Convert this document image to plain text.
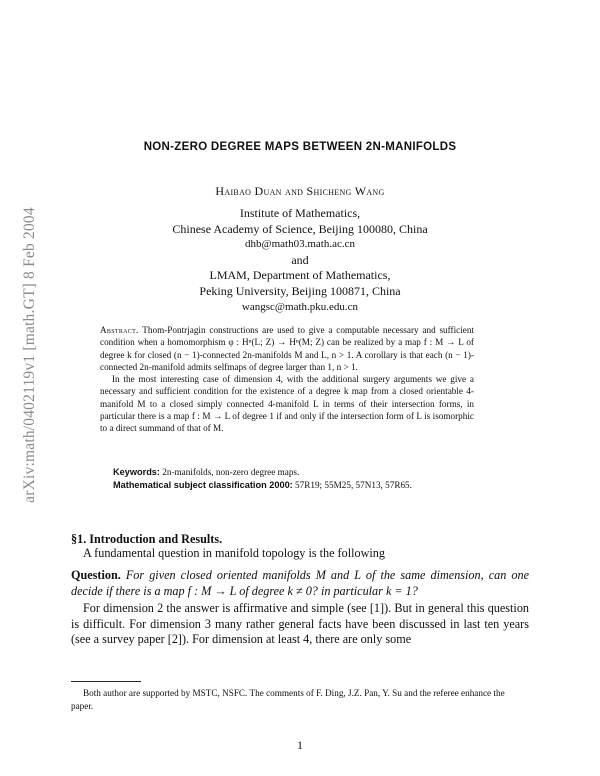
arXiv:math/0402119v1 [math.GT] 8 Feb 2004
NON-ZERO DEGREE MAPS BETWEEN 2N-MANIFOLDS
Haibao Duan and Shicheng Wang
Institute of Mathematics,
Chinese Academy of Science, Beijing 100080, China
dhb@math03.math.ac.cn
and
LMAM, Department of Mathematics,
Peking University, Beijing 100871, China
wangsc@math.pku.edu.cn

Abstract. Thom-Pontrjagin constructions are used to give a computable necessary and sufficient condition when a homomorphism φ : Hⁿ(L; Z) → Hⁿ(M; Z) can be realized by a map f : M → L of degree k for closed (n − 1)-connected 2n-manifolds M and L, n > 1. A corollary is that each (n − 1)-connected 2n-manifold admits selfmaps of degree larger than 1, n > 1.

In the most interesting case of dimension 4, with the additional surgery arguments we give a necessary and sufficient condition for the existence of a degree k map from a closed orientable 4-manifold M to a closed simply connected 4-manifold L in terms of their intersection forms, in particular there is a map f : M → L of degree 1 if and only if the intersection form of L is isomorphic to a direct summand of that of M.

Keywords: 2n-manifolds, non-zero degree maps.
Mathematical subject classification 2000: 57R19; 55M25, 57N13, 57R65.
§1. Introduction and Results.
A fundamental question in manifold topology is the following
Question. For given closed oriented manifolds M and L of the same dimension, can one decide if there is a map f : M → L of degree k ≠ 0? in particular k = 1?
For dimension 2 the answer is affirmative and simple (see [1]). But in general this question is difficult. For dimension 3 many rather general facts have been discussed in last ten years (see a survey paper [2]). For dimension at least 4, there are only some
Both author are supported by MSTC, NSFC. The comments of F. Ding, J.Z. Pan, Y. Su and the referee enhance the paper.
1
